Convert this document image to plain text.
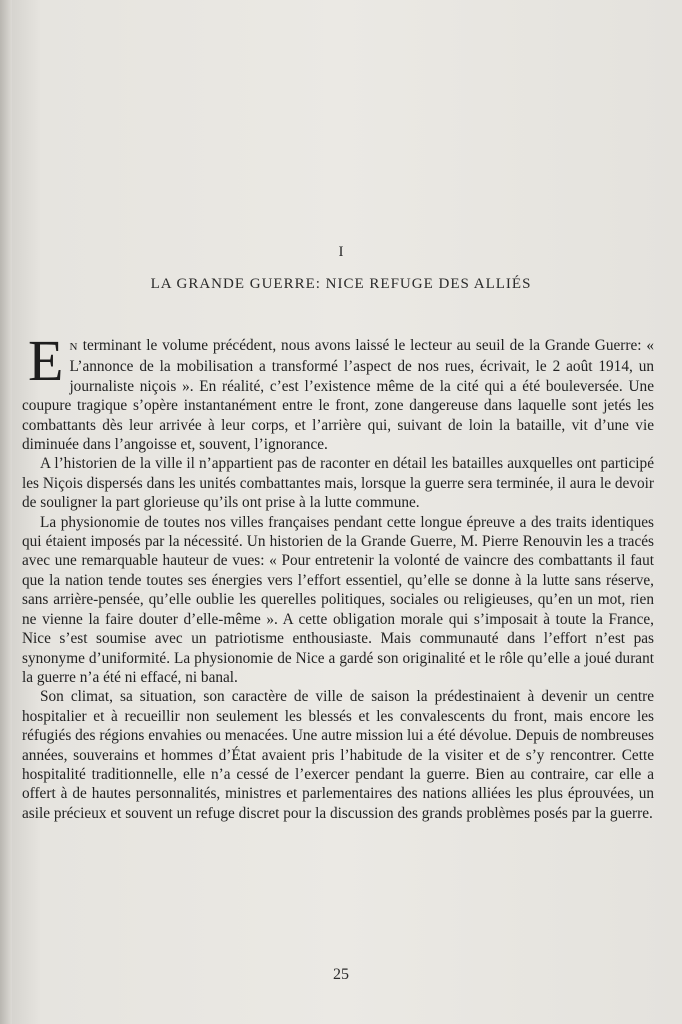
I
LA GRANDE GUERRE: NICE REFUGE DES ALLIÉS

E N terminant le volume précédent, nous avons laissé le lecteur au seuil de la Grande Guerre: « L’annonce de la mobilisation a transformé l’aspect de nos rues, écrivait, le 2 août 1914, un journaliste niçois ». En réalité, c’est l’existence même de la cité qui a été bouleversée. Une coupure tragique s’opère instantanément entre le front, zone dangereuse dans laquelle sont jetés les combattants dès leur arrivée à leur corps, et l’arrière qui, suivant de loin la bataille, vit d’une vie diminuée dans l’angoisse et, souvent, l’ignorance.

A l’historien de la ville il n’appartient pas de raconter en détail les batailles auxquelles ont participé les Niçois dispersés dans les unités combattantes mais, lorsque la guerre sera terminée, il aura le devoir de souligner la part glorieuse qu’ils ont prise à la lutte commune.

La physionomie de toutes nos villes françaises pendant cette longue épreuve a des traits identiques qui étaient imposés par la nécessité. Un historien de la Grande Guerre, M. Pierre Renouvin les a tracés avec une remarquable hauteur de vues: « Pour entretenir la volonté de vaincre des combattants il faut que la nation tende toutes ses énergies vers l’effort essentiel, qu’elle se donne à la lutte sans réserve, sans arrière-pensée, qu’elle oublie les querelles politiques, sociales ou religieuses, qu’en un mot, rien ne vienne la faire douter d’elle-même ». A cette obligation morale qui s’imposait à toute la France, Nice s’est soumise avec un patriotisme enthousiaste. Mais communauté dans l’effort n’est pas synonyme d’uniformité. La physionomie de Nice a gardé son originalité et le rôle qu’elle a joué durant la guerre n’a été ni effacé, ni banal.

Son climat, sa situation, son caractère de ville de saison la prédestinaient à devenir un centre hospitalier et à recueillir non seulement les blessés et les convalescents du front, mais encore les réfugiés des régions envahies ou menacées. Une autre mission lui a été dévolue. Depuis de nombreuses années, souverains et hommes d’État avaient pris l’habitude de la visiter et de s’y rencontrer. Cette hospitalité traditionnelle, elle n’a cessé de l’exercer pendant la guerre. Bien au contraire, car elle a offert à de hautes personnalités, ministres et parlementaires des nations alliées les plus éprouvées, un asile précieux et souvent un refuge discret pour la discussion des grands problèmes posés par la guerre.

25
